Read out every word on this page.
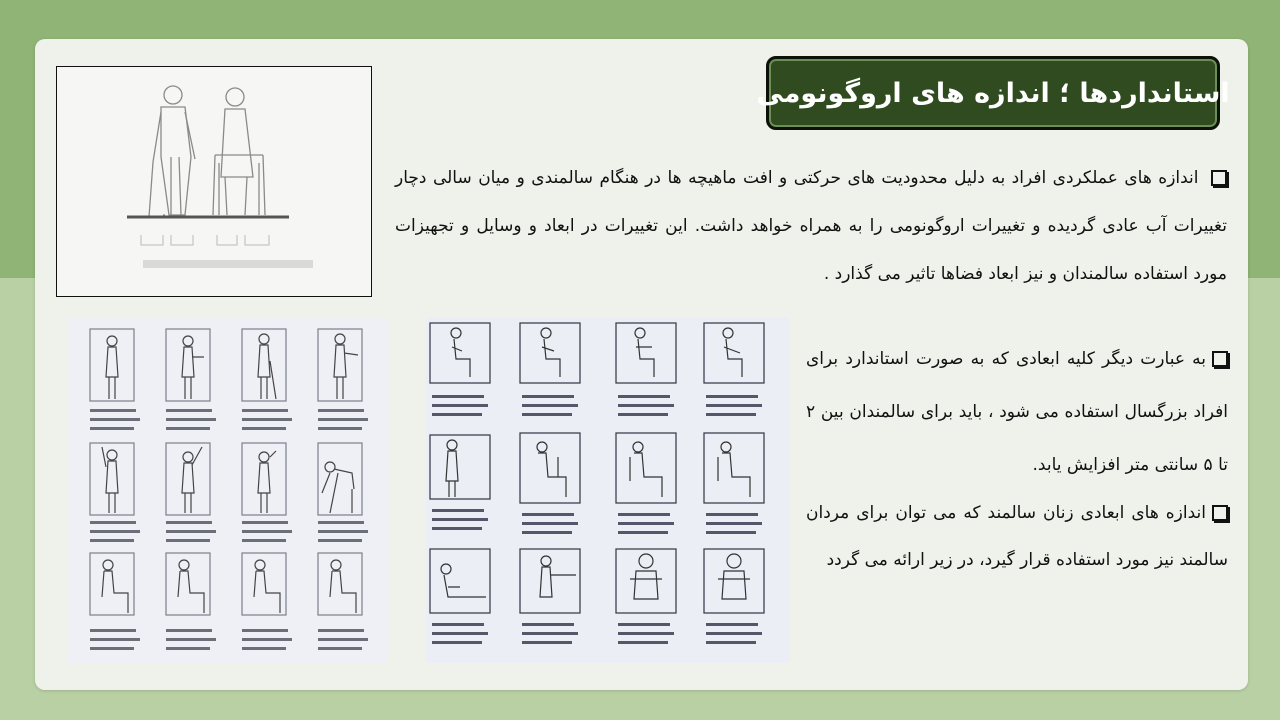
استانداردها ؛ اندازه های اروگونومی
اندازه های عملکردی افراد به دلیل محدودیت های حرکتی و افت ماهیچه ها در هنگام سالمندی و میان سالی دچار تغییرات آب عادی گردیده و تغییرات اروگونومی را به همراه خواهد داشت. این تغییرات در ابعاد و وسایل و تجهیزات مورد استفاده سالمندان و نیز ابعاد فضاها تاثیر می گذارد .
به عبارت دیگر کلیه ابعادی که به صورت استاندارد برای افراد بزرگسال استفاده می شود ، باید برای سالمندان بین ۲ تا ۵ سانتی متر افزایش یابد.
اندازه های ابعادی زنان سالمند که می توان برای مردان سالمند نیز مورد استفاده قرار گیرد، در زیر ارائه می گردد
